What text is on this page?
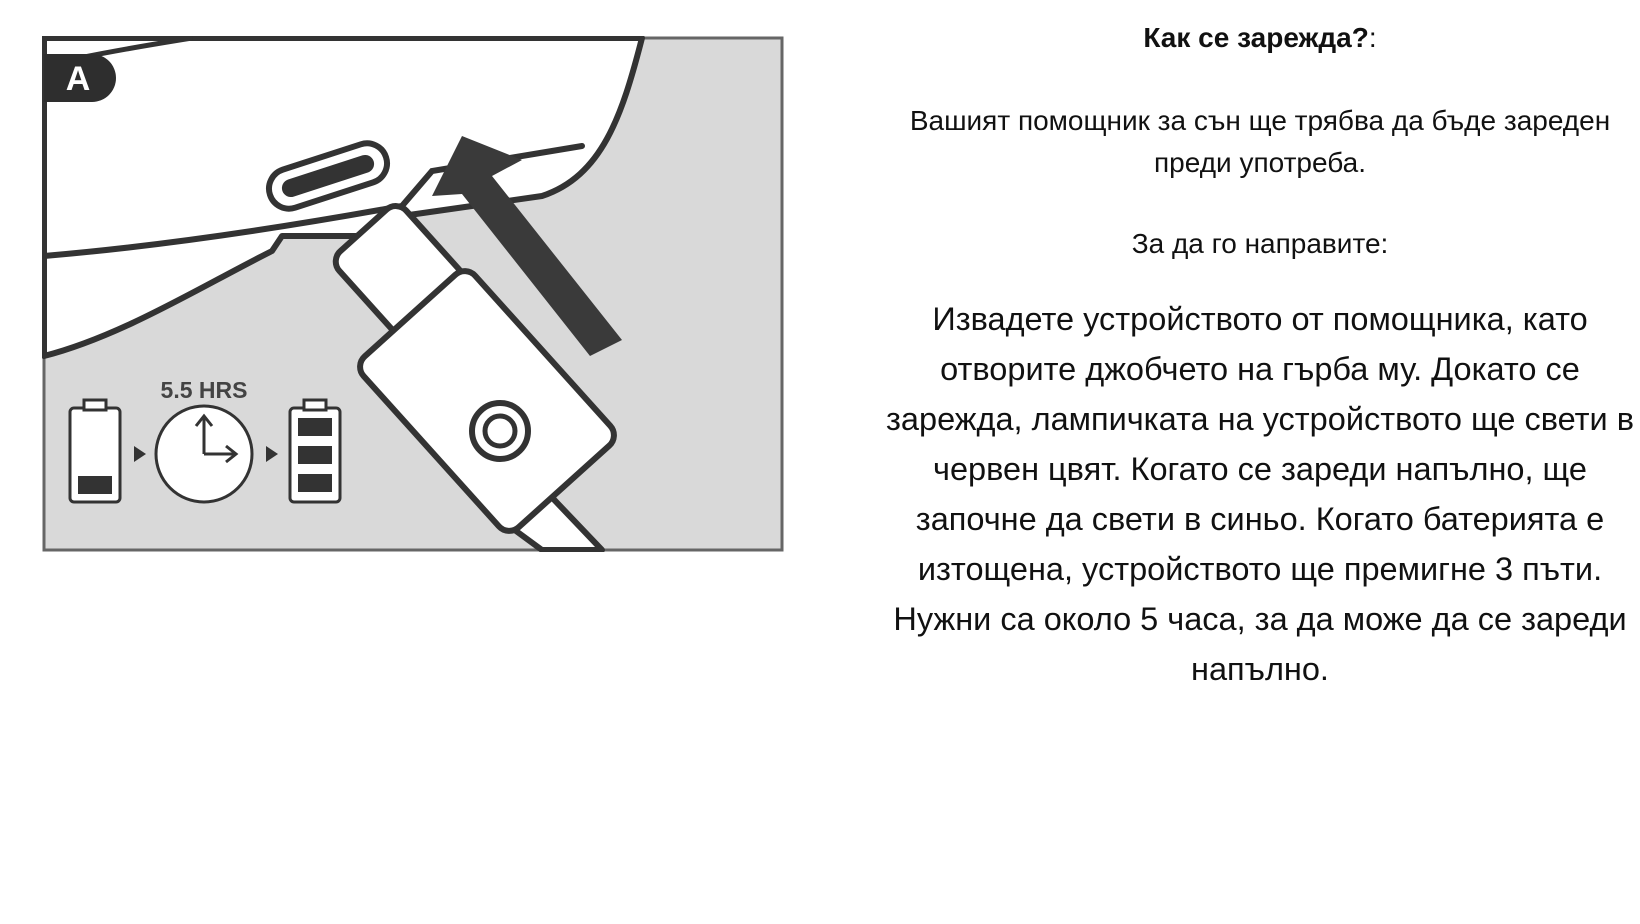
A
5.5 HRS

Как се зарежда?:

Вашият помощник за сън ще трябва да бъде зареден преди употреба.

За да го направите:

Извадете устройството от помощника, като отворите джобчето на гърба му. Докато се зарежда, лампичката на устройството ще свети в червен цвят. Когато се зареди напълно, ще започне да свети в синьо. Когато батерията е изтощена, устройството ще премигне 3 пъти. Нужни са около 5 часа, за да може да се зареди напълно.
